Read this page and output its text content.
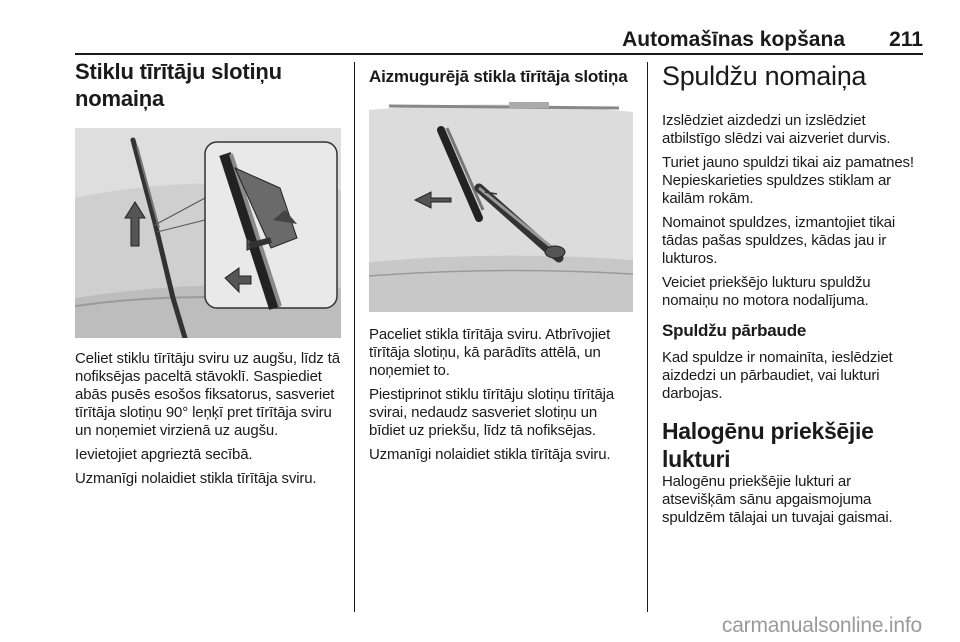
Automašīnas kopšana 211
Stiklu tīrītāju slotiņu nomaiņa

Celiet stiklu tīrītāju sviru uz augšu, līdz tā nofiksējas paceltā stāvoklī. Saspiediet abās pusēs esošos fiksatorus, sasveriet tīrītāja slotiņu 90° leņķī pret tīrītāja sviru un noņemiet virzienā uz augšu.

Ievietojiet apgrieztā secībā.

Uzmanīgi nolaidiet stikla tīrītāja sviru.

Aizmugurējā stikla tīrītāja slotiņa

Paceliet stikla tīrītāja sviru. Atbrīvojiet tīrītāja slotiņu, kā parādīts attēlā, un noņemiet to.

Piestiprinot stiklu tīrītāju slotiņu tīrītāja svirai, nedaudz sasveriet slotiņu un bīdiet uz priekšu, līdz tā nofiksējas.

Uzmanīgi nolaidiet stikla tīrītāja sviru.

Spuldžu nomaiņa

Izslēdziet aizdedzi un izslēdziet atbilstīgo slēdzi vai aizveriet durvis.

Turiet jauno spuldzi tikai aiz pamatnes! Nepieskarieties spuldzes stiklam ar kailām rokām.

Nomainot spuldzes, izmantojiet tikai tādas pašas spuldzes, kādas jau ir lukturos.

Veiciet priekšējo lukturu spuldžu nomaiņu no motora nodalījuma.

Spuldžu pārbaude

Kad spuldze ir nomainīta, ieslēdziet aizdedzi un pārbaudiet, vai lukturi darbojas.

Halogēnu priekšējie lukturi

Halogēnu priekšējie lukturi ar atsevišķām sānu apgaismojuma spuldzēm tālajai un tuvajai gaismai.

carmanualsonline.info
